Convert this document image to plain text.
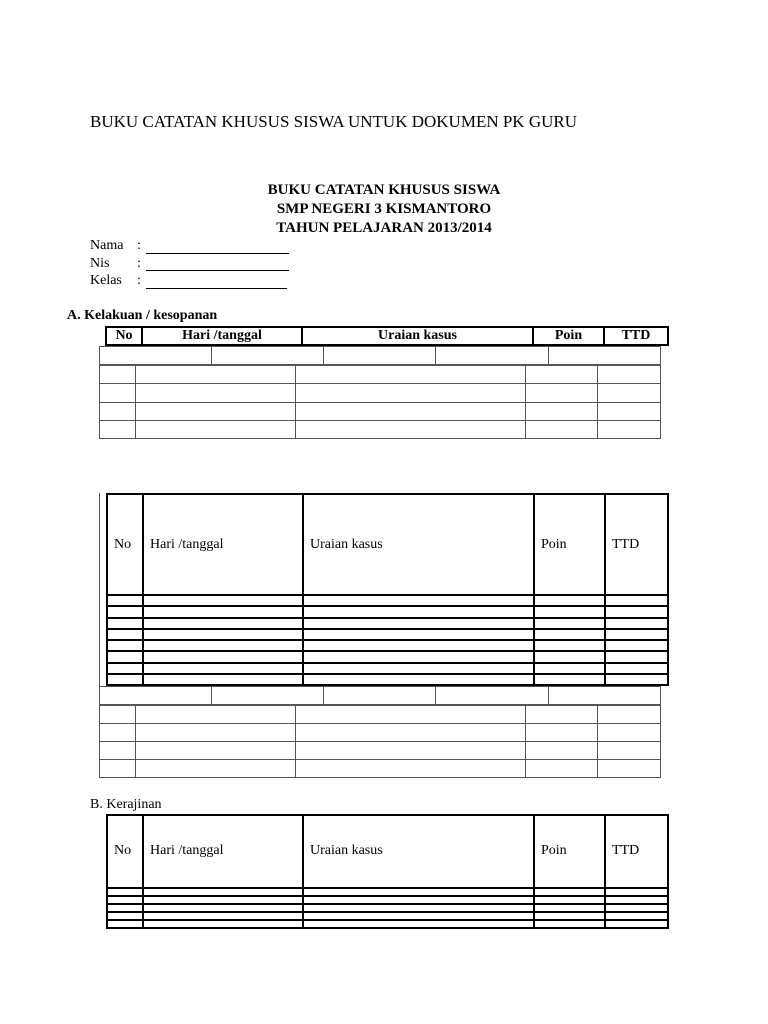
BUKU CATATAN KHUSUS SISWA UNTUK DOKUMEN PK GURU
BUKU CATATAN KHUSUS SISWA
SMP NEGERI 3 KISMANTORO
TAHUN PELAJARAN 2013/2014
Nama :
Nis :
Kelas :
A. Kelakuan / kesopanan
No	Hari /tanggal	Uraian kasus	Poin	TTD

No	Hari /tanggal	Uraian kasus	Poin	TTD

B. Kerajinan
No	Hari /tanggal	Uraian kasus	Poin	TTD
